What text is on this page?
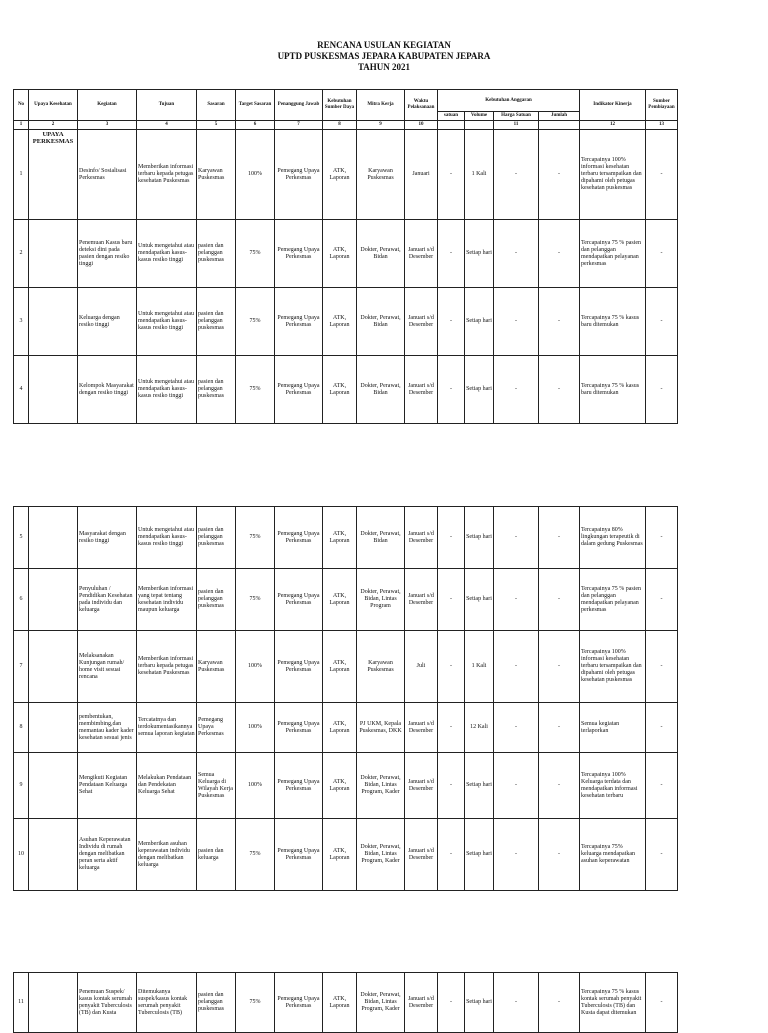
RENCANA USULAN KEGIATAN
UPTD PUSKESMAS JEPARA KABUPATEN JEPARA
TAHUN 2021
No	Upaya Kesehatan	Kegiatan	Tujuan	Sasaran	Target Sasaran	Penanggung Jawab	Kebutuhan Sumber Daya	Mitra Kerja	Waktu Pelaksanaan	Kebutuhan Anggaran				Indikator Kinerja	Sumber Pembiayaan
										satuan	Volume	Harga Satuan	Jumlah		
1	2	3	4	5	6	7	8	9	10			11		12	13
1	UPAYA PERKESMAS	Desinfo/ Sosialisasi Perkesmas	Memberikan informasi terbaru kepada petugas kesehatan Puskesmas	Karyawan Puskesmas	100%	Pemegang Upaya Perkesmas	ATK, Laporan	Karyawan Puskesmas	Januari	-	1 Kali	-	-	Tercapainya 100% informasi kesehatan terbaru tersampaikan dan dipahami oleh petugas kesehatan puskesmas	-
2		Penemuan Kasus baru deteksi dini pada pasien dengan resiko tinggi	Untuk mengetahui atau mendapatkan kasus-kasus resiko tinggi	pasien dan pelanggan puskesmas	75%	Pemegang Upaya Perkesmas	ATK, Laporan	Dokter, Perawat, Bidan	Januari s/d Desember	-	Setiap hari	-	-	Tercapainya 75 % pasien dan pelanggan mendapatkan pelayanan perkesmas	-
3		Keluarga dengan resiko tinggi	Untuk mengetahui atau mendapatkan kasus-kasus resiko tinggi	pasien dan pelanggan puskesmas	75%	Pemegang Upaya Perkesmas	ATK, Laporan	Dokter, Perawat, Bidan	Januari s/d Desember	-	Setiap hari	-	-	Tercapainya 75 % kasus baru ditemukan	-
4		Kelompok Masyarakat dengan resiko tinggi	Untuk mengetahui atau mendapatkan kasus-kasus resiko tinggi	pasien dan pelanggan puskesmas	75%	Pemegang Upaya Perkesmas	ATK, Laporan	Dokter, Perawat, Bidan	Januari s/d Desember	-	Setiap hari	-	-	Tercapainya 75 % kasus baru ditemukan	-
5		Masyarakat dengan resiko tinggi	Untuk mengetahui atau mendapatkan kasus-kasus resiko tinggi	pasien dan pelanggan puskesmas	75%	Pemegang Upaya Perkesmas	ATK, Laporan	Dokter, Perawat, Bidan	Januari s/d Desember	-	Setiap hari	-	-	Tercapainya 80% lingkungan terapeutik di dalam gedung Puskesmas	-
6		Penyuluhan / Pendidikan Kesehatan pada individu dan keluarga	Memberikan informasi yang tepat tentang kesehatan individu maupun keluarga	pasien dan pelanggan puskesmas	75%	Pemegang Upaya Perkesmas	ATK, Laporan	Dokter, Perawat, Bidan, Lintas Program	Januari s/d Desember	-	Setiap hari	-	-	Tercapainya 75 % pasien dan pelanggan mendapatkan pelayanan perkesmas	-
7		Melaksanakan Kunjungan rumah/ home visit sesuai rencana	Memberikan informasi terbaru kepada petugas kesehatan Puskesmas	Karyawan Puskesmas	100%	Pemegang Upaya Perkesmas	ATK, Laporan	Karyawan Puskesmas	Juli	-	1 Kali	-	-	Tercapainya 100% informasi kesehatan terbaru tersampaikan dan dipahami oleh petugas kesehatan puskesmas	-
8		pembentukan, membimbing,dan memantau kader kader kesehatan sesuai jenis	Tercatatnya dan terdokumentasikannya semua laporan kegiatan	Pemegang Upaya Perkesmas	100%	Pemegang Upaya Perkesmas	ATK, Laporan	PJ UKM, Kepala Puskesmas, DKK	Januari s/d Desember	-	12 Kali	-	-	Semua kegiatan terlaporkan	-
9		Mengikuti Kegiatan Pendataan Keluarga Sehat	Melakukan Pendataan dan Pendekatan Keluarga Sehat	Semua Keluarga di Wilayah Kerja Puskesmas	100%	Pemegang Upaya Perkesmas	ATK, Laporan	Dokter, Perawat, Bidan, Lintas Program, Kader	Januari s/d Desember	-	Setiap hari	-	-	Tercapainya 100% Keluarga terdata dan mendapatkan informasi kesehatan terbaru	-
10		Asuhan Keperawatan Individu di rumah dengan melibatkan peran serta aktif keluarga	Memberikan asuhan keperawatan individu dengan melibatkan keluarga	pasien dan keluarga	75%	Pemegang Upaya Perkesmas	ATK, Laporan	Dokter, Perawat, Bidan, Lintas Program, Kader	Januari s/d Desember	-	Setiap hari	-	-	Tercapainya 75% keluarga mendapatkan asuhan keperawatan	-
11		Penemuan Suspek/ kasus kontak serumah penyakit Tuberculosis (TB) dan Kusta	Ditemukanya suspek/kasus kontak serumah penyakit Tuberculosis (TB)	pasien dan pelanggan puskesmas	75%	Pemegang Upaya Perkesmas	ATK, Laporan	Dokter, Perawat, Bidan, Lintas Program, Kader	Januari s/d Desember	-	Setiap hari	-	-	Tercapainya 75 % kasus kontak serumah penyakit Tuberculosis (TB) dan Kusta dapat ditemukan	-
